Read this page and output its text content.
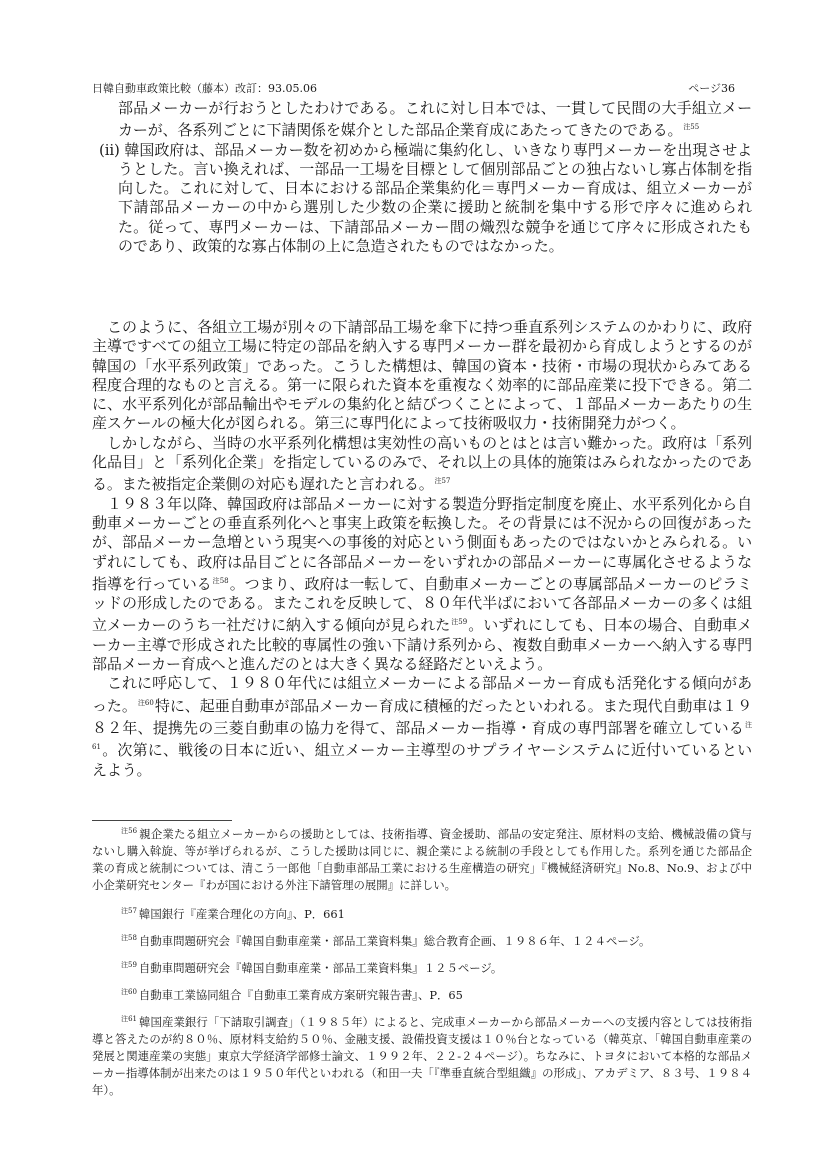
日韓自動車政策比較（藤本）改訂：93.05.06	ページ36

部品メーカーが行おうとしたわけである。これに対し日本では、一貫して民間の大手組立メーカーが、各系列ごとに下請関係を媒介とした部品企業育成にあたってきたのである。$^{注55}$

(ii) 韓国政府は、部品メーカー数を初めから極端に集約化し、いきなり専門メーカーを出現させようとした。言い換えれば、一部品一工場を目標として個別部品ごとの独占ないし寡占体制を指向した。これに対して、日本における部品企業集約化＝専門メーカー育成は、組立メーカーが下請部品メーカーの中から選別した少数の企業に援助と統制を集中する形で序々に進められた。従って、専門メーカーは、下請部品メーカー間の熾烈な競争を通じて序々に形成されたものであり、政策的な寡占体制の上に急造されたものではなかった。

このように、各組立工場が別々の下請部品工場を傘下に持つ垂直系列システムのかわりに、政府主導ですべての組立工場に特定の部品を納入する専門メーカー群を最初から育成しようとするのが韓国の「水平系列政策」であった。こうした構想は、韓国の資本・技術・市場の現状からみてある程度合理的なものと言える。第一に限られた資本を重複なく効率的に部品産業に投下できる。第二に、水平系列化が部品輸出やモデルの集約化と結びつくことによって、１部品メーカーあたりの生産スケールの極大化が図られる。第三に専門化によって技術吸収力・技術開発力がつく。

しかしながら、当時の水平系列化構想は実効性の高いものとはとは言い難かった。政府は「系列化品目」と「系列化企業」を指定しているのみで、それ以上の具体的施策はみられなかったのである。また被指定企業側の対応も遅れたと言われる。$^{注57}$

１９８３年以降、韓国政府は部品メーカーに対する製造分野指定制度を廃止、水平系列化から自動車メーカーごとの垂直系列化へと事実上政策を転換した。その背景には不況からの回復があったが、部品メーカー急増という現実への事後的対応という側面もあったのではないかとみられる。いずれにしても、政府は品目ごとに各部品メーカーをいずれかの部品メーカーに専属化させるような指導を行っている$^{注58}$。つまり、政府は一転して、自動車メーカーごとの専属部品メーカーのピラミッドの形成したのである。またこれを反映して、８０年代半ばにおいて各部品メーカーの多くは組立メーカーのうち一社だけに納入する傾向が見られた$^{注59}$。いずれにしても、日本の場合、自動車メーカー主導で形成された比較的専属性の強い下請け系列から、複数自動車メーカーへ納入する専門部品メーカー育成へと進んだのとは大きく異なる経路だといえよう。

これに呼応して、１９８０年代には組立メーカーによる部品メーカー育成も活発化する傾向があった。$^{注60}$特に、起亜自動車が部品メーカー育成に積極的だったといわれる。また現代自動車は１９８２年、提携先の三菱自動車の協力を得て、部品メーカー指導・育成の専門部署を確立している$^{注61}$。次第に、戦後の日本に近い、組立メーカー主導型のサプライヤーシステムに近付いているといえよう。

$^{注56}$ 親企業たる組立メーカーからの援助としては、技術指導、資金援助、部品の安定発注、原材料の支給、機械設備の貸与ないし購入斡旋、等が挙げられるが、こうした援助は同じに、親企業による統制の手段としても作用した。系列を通じた部品企業の育成と統制については、清こう一郎他「自動車部品工業における生産構造の研究」『機械経済研究』No.8、No.9、および中小企業研究センター『わが国における外注下請管理の展開』に詳しい。

$^{注57}$ 韓国銀行『産業合理化の方向』、P．661

$^{注58}$ 自動車問題研究会『韓国自動車産業・部品工業資料集』総合教育企画、１９８６年、１２４ページ。

$^{注59}$ 自動車問題研究会『韓国自動車産業・部品工業資料集』１２５ページ。

$^{注60}$ 自動車工業協同組合『自動車工業育成方案研究報告書』、P．65

$^{注61}$ 韓国産業銀行「下請取引調査」（１９８５年）によると、完成車メーカーから部品メーカーへの支援内容としては技術指導と答えたのが約８０％、原材料支給約５０％、金融支援、設備投資支援は１０％台となっている（韓英京、「韓国自動車産業の発展と関連産業の実態」東京大学経済学部修士論文、１９９２年、２２-２４ページ）。ちなみに、トヨタにおいて本格的な部品メーカー指導体制が出来たのは１９５０年代といわれる（和田一夫「『準垂直統合型組織』の形成」、アカデミア、８３号、１９８４年）。
